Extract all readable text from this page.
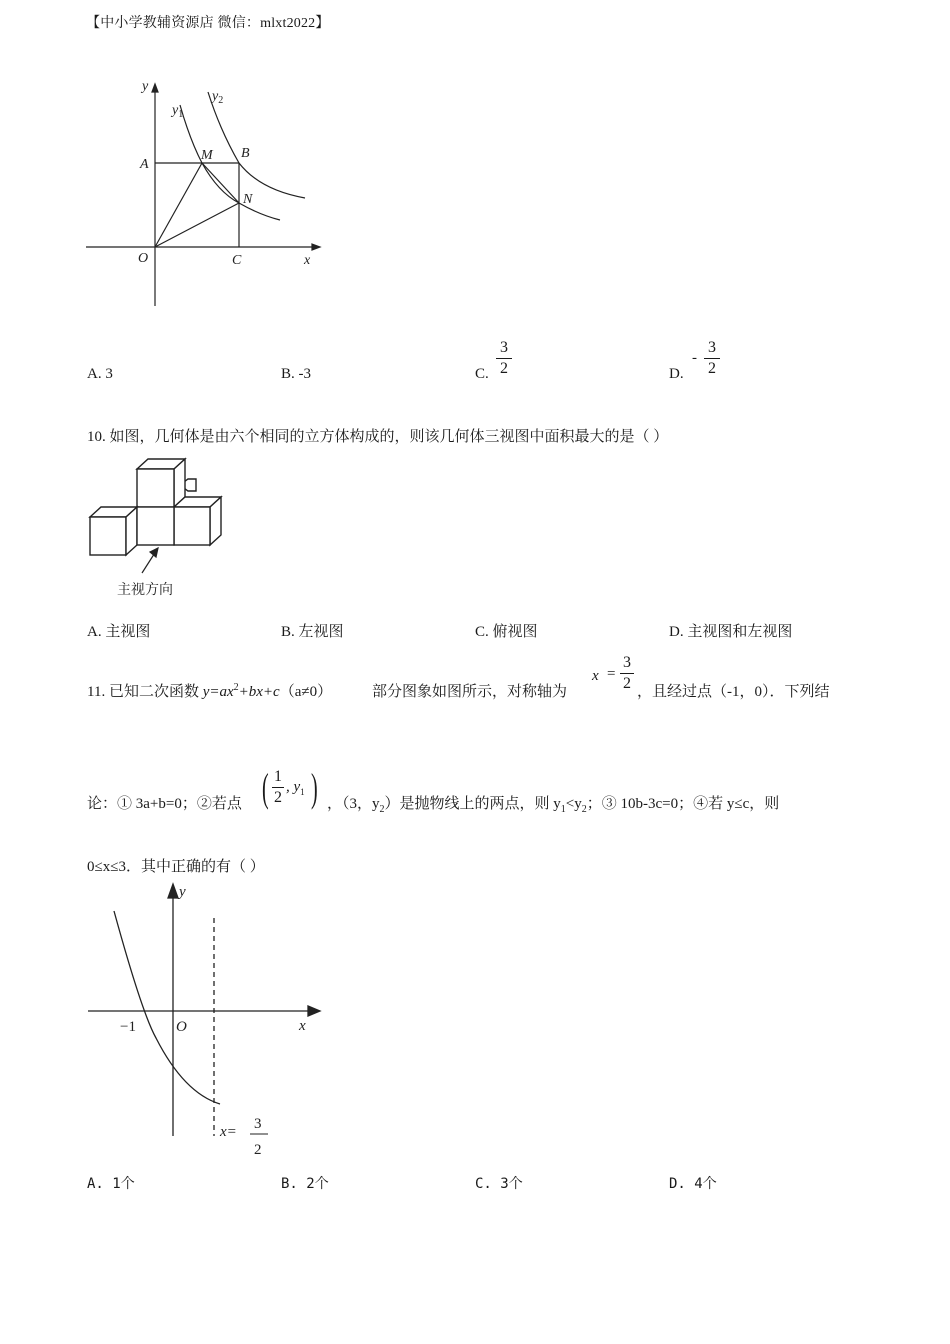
【中小学教辅资源店 微信：mlxt2022】
y
$y_1$
$y_2$
A
M B
N
O	C	x
A. 3	B. -3	C.
3
2	D.
-
3
2
10. 如图，几何体是由六个相同的立方体构成的，则该几何体三视图中面积最大的是（ ）
主视方向
A. 主视图	B. 左视图	C. 俯视图	D. 主视图和左视图
11. 已知二次函数 $y=ax^2+bx+c(a\ne 0)$	部分图象如图所示，对称轴为
x =
3
2 ，且经过点（-1，0）．下列结
论：① 3a+b=0；②若点 ( 1
2
, $y_1$ ) ，（3，$y_2$）是抛物线上的两点，则 $y_1<y_2$；③ 10b-3c=0；④若 y≤c，则
0≤x≤3．其中正确的有（ ）
y
−1	O	x
x= 3
2
A. 1个	B. 2个	C. 3个	D. 4个
